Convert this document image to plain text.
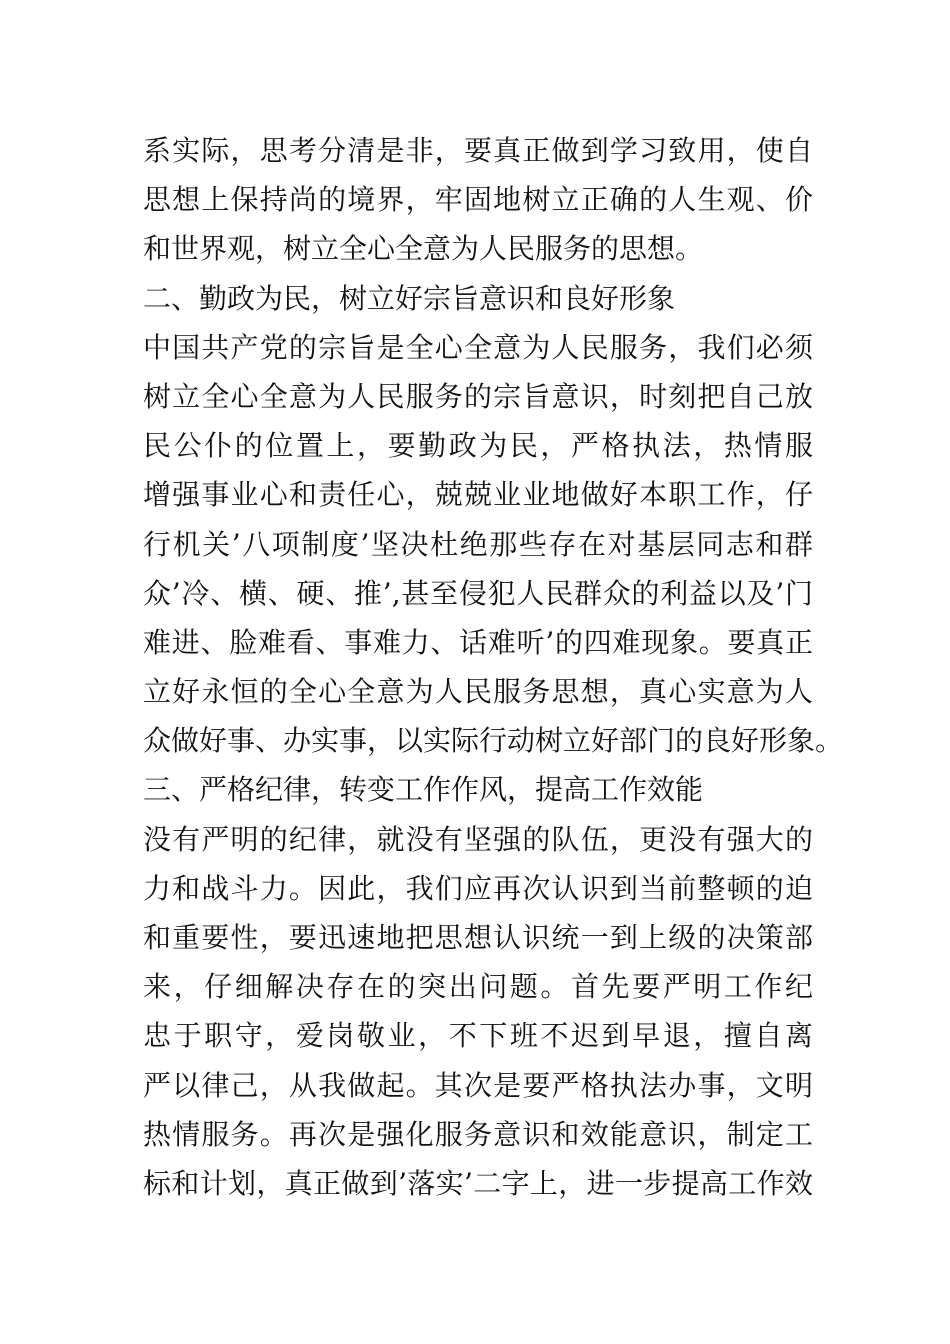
系实际，思考分清是非，要真正做到学习致用，使自
思想上保持尚的境界，牢固地树立正确的人生观、价
和世界观，树立全心全意为人民服务的思想。
二、勤政为民，树立好宗旨意识和良好形象
中国共产党的宗旨是全心全意为人民服务，我们必须
树立全心全意为人民服务的宗旨意识，时刻把自己放
民公仆的位置上，要勤政为民，严格执法，热情服
增强事业心和责任心，兢兢业业地做好本职工作，仔
行机关’八项制度’坚决杜绝那些存在对基层同志和群
众’冷、横、硬、推’,甚至侵犯人民群众的利益以及’门
难进、脸难看、事难力、话难听’的四难现象。要真正
立好永恒的全心全意为人民服务思想，真心实意为人
众做好事、办实事，以实际行动树立好部门的良好形象。
三、严格纪律，转变工作作风，提高工作效能
没有严明的纪律，就没有坚强的队伍，更没有强大的
力和战斗力。因此，我们应再次认识到当前整顿的迫
和重要性，要迅速地把思想认识统一到上级的决策部
来，仔细解决存在的突出问题。首先要严明工作纪
忠于职守，爱岗敬业，不下班不迟到早退，擅自离
严以律己，从我做起。其次是要严格执法办事，文明
热情服务。再次是强化服务意识和效能意识，制定工
标和计划，真正做到’落实’二字上，进一步提高工作效
